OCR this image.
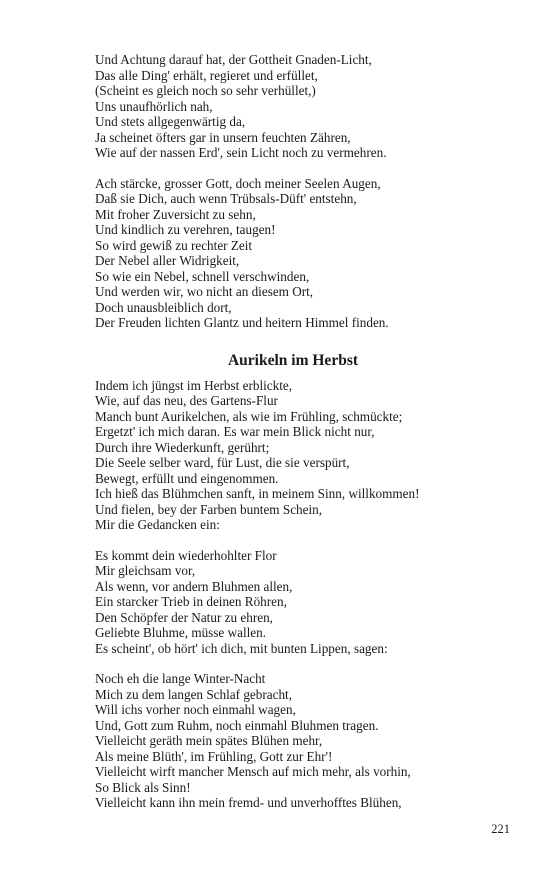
Und Achtung darauf hat, der Gottheit Gnaden-Licht,
Das alle Ding' erhält, regieret und erfüllet,
(Scheint es gleich noch so sehr verhüllet,)
Uns unaufhörlich nah,
Und stets allgegenwärtig da,
Ja scheinet öfters gar in unsern feuchten Zähren,
Wie auf der nassen Erd', sein Licht noch zu vermehren.
Ach stärcke, grosser Gott, doch meiner Seelen Augen,
Daß sie Dich, auch wenn Trübsals-Düft' entstehn,
Mit froher Zuversicht zu sehn,
Und kindlich zu verehren, taugen!
So wird gewiß zu rechter Zeit
Der Nebel aller Widrigkeit,
So wie ein Nebel, schnell verschwinden,
Und werden wir, wo nicht an diesem Ort,
Doch unausbleiblich dort,
Der Freuden lichten Glantz und heitern Himmel finden.
Aurikeln im Herbst
Indem ich jüngst im Herbst erblickte,
Wie, auf das neu, des Gartens-Flur
Manch bunt Aurikelchen, als wie im Frühling, schmückte;
Ergetzt' ich mich daran. Es war mein Blick nicht nur,
Durch ihre Wiederkunft, gerührt;
Die Seele selber ward, für Lust, die sie verspürt,
Bewegt, erfüllt und eingenommen.
Ich hieß das Blühmchen sanft, in meinem Sinn, willkommen!
Und fielen, bey der Farben buntem Schein,
Mir die Gedancken ein:
Es kommt dein wiederhohlter Flor
Mir gleichsam vor,
Als wenn, vor andern Bluhmen allen,
Ein starcker Trieb in deinen Röhren,
Den Schöpfer der Natur zu ehren,
Geliebte Bluhme, müsse wallen.
Es scheint', ob hört' ich dich, mit bunten Lippen, sagen:
Noch eh die lange Winter-Nacht
Mich zu dem langen Schlaf gebracht,
Will ichs vorher noch einmahl wagen,
Und, Gott zum Ruhm, noch einmahl Bluhmen tragen.
Vielleicht geräth mein spätes Blühen mehr,
Als meine Blüth', im Frühling, Gott zur Ehr'!
Vielleicht wirft mancher Mensch auf mich mehr, als vorhin,
So Blick als Sinn!
Vielleicht kann ihn mein fremd- und unverhofftes Blühen,
221
